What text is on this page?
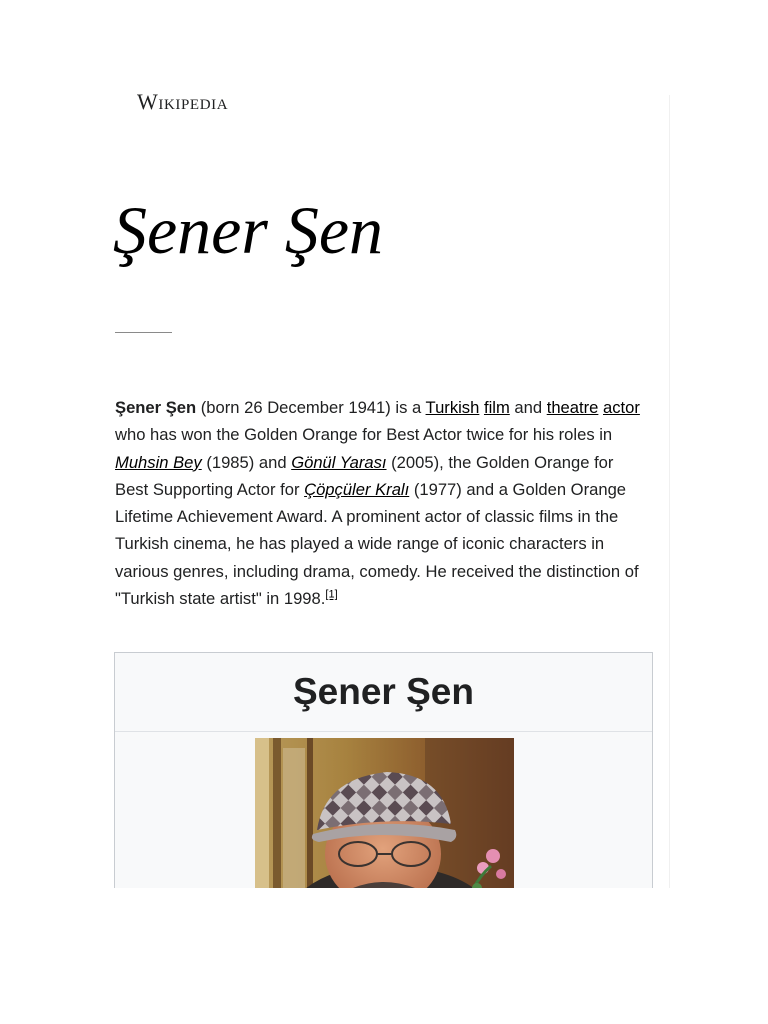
Wikipedia
Şener Şen

Şener Şen (born 26 December 1941) is a Turkish film and theatre actor who has won the Golden Orange for Best Actor twice for his roles in Muhsin Bey (1985) and Gönül Yarası (2005), the Golden Orange for Best Supporting Actor for Çöpçüler Kralı (1977) and a Golden Orange Lifetime Achievement Award. A prominent actor of classic films in the Turkish cinema, he has played a wide range of iconic characters in various genres, including drama, comedy. He received the distinction of "Turkish state artist" in 1998.[1]

Şener Şen
